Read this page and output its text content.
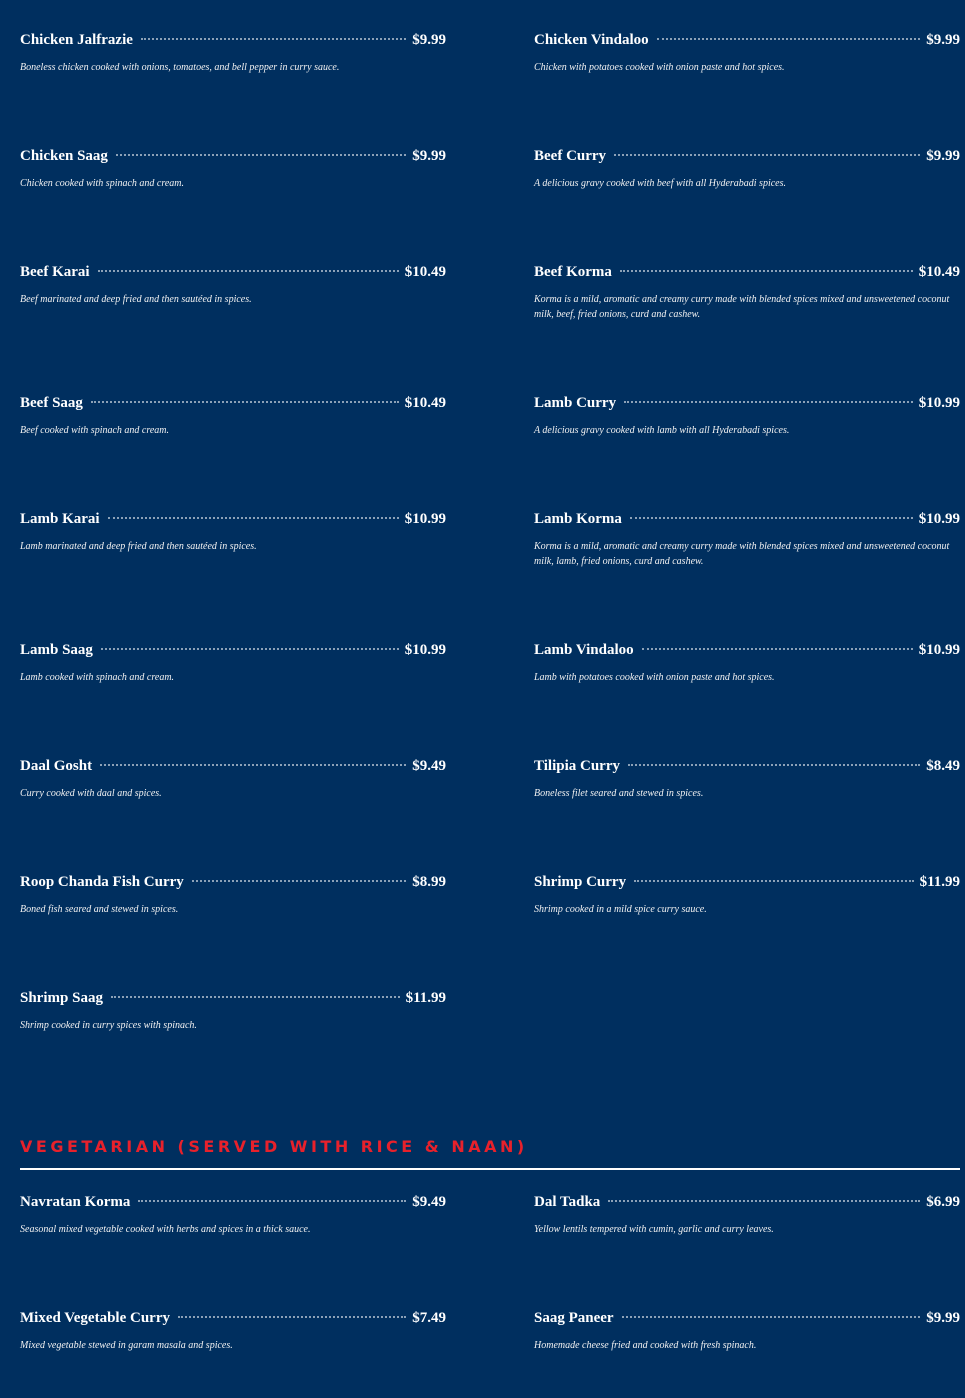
Chicken Jalfrazie	$9.99
Boneless chicken cooked with onions, tomatoes, and bell pepper in curry sauce.
Chicken Vindaloo	$9.99
Chicken with potatoes cooked with onion paste and hot spices.
Chicken Saag	$9.99
Chicken cooked with spinach and cream.
Beef Curry	$9.99
A delicious gravy cooked with beef with all Hyderabadi spices.
Beef Karai	$10.49
Beef marinated and deep fried and then sautéed in spices.
Beef Korma	$10.49
Korma is a mild, aromatic and creamy curry made with blended spices mixed and unsweetened coconut milk, beef, fried onions, curd and cashew.
Beef Saag	$10.49
Beef cooked with spinach and cream.
Lamb Curry	$10.99
A delicious gravy cooked with lamb with all Hyderabadi spices.
Lamb Karai	$10.99
Lamb marinated and deep fried and then sautéed in spices.
Lamb Korma	$10.99
Korma is a mild, aromatic and creamy curry made with blended spices mixed and unsweetened coconut milk, lamb, fried onions, curd and cashew.
Lamb Saag	$10.99
Lamb cooked with spinach and cream.
Lamb Vindaloo	$10.99
Lamb with potatoes cooked with onion paste and hot spices.
Daal Gosht	$9.49
Curry cooked with daal and spices.
Tilipia Curry	$8.49
Boneless filet seared and stewed in spices.
Roop Chanda Fish Curry	$8.99
Boned fish seared and stewed in spices.
Shrimp Curry	$11.99
Shrimp cooked in a mild spice curry sauce.
Shrimp Saag	$11.99
Shrimp cooked in curry spices with spinach.
VEGETARIAN (SERVED WITH RICE & NAAN)
Navratan Korma	$9.49
Seasonal mixed vegetable cooked with herbs and spices in a thick sauce.
Dal Tadka	$6.99
Yellow lentils tempered with cumin, garlic and curry leaves.
Mixed Vegetable Curry	$7.49
Mixed vegetable stewed in garam masala and spices.
Saag Paneer	$9.99
Homemade cheese fried and cooked with fresh spinach.
